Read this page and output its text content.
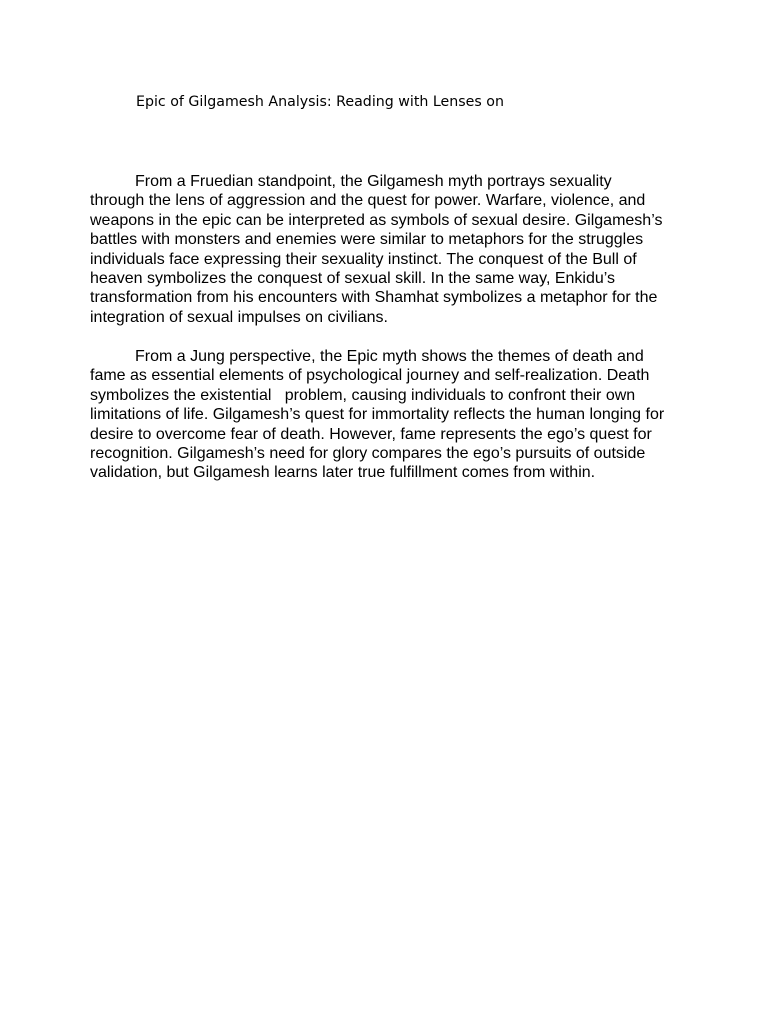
Epic of Gilgamesh Analysis: Reading with Lenses on
From a Fruedian standpoint, the Gilgamesh myth portrays sexuality
through the lens of aggression and the quest for power. Warfare, violence, and
weapons in the epic can be interpreted as symbols of sexual desire. Gilgamesh’s
battles with monsters and enemies were similar to metaphors for the struggles
individuals face expressing their sexuality instinct. The conquest of the Bull of
heaven symbolizes the conquest of sexual skill. In the same way, Enkidu’s
transformation from his encounters with Shamhat symbolizes a metaphor for the
integration of sexual impulses on civilians.
From a Jung perspective, the Epic myth shows the themes of death and
fame as essential elements of psychological journey and self-realization. Death
symbolizes the existential   problem, causing individuals to confront their own
limitations of life. Gilgamesh’s quest for immortality reflects the human longing for
desire to overcome fear of death. However, fame represents the ego’s quest for
recognition. Gilgamesh’s need for glory compares the ego’s pursuits of outside
validation, but Gilgamesh learns later true fulfillment comes from within.
